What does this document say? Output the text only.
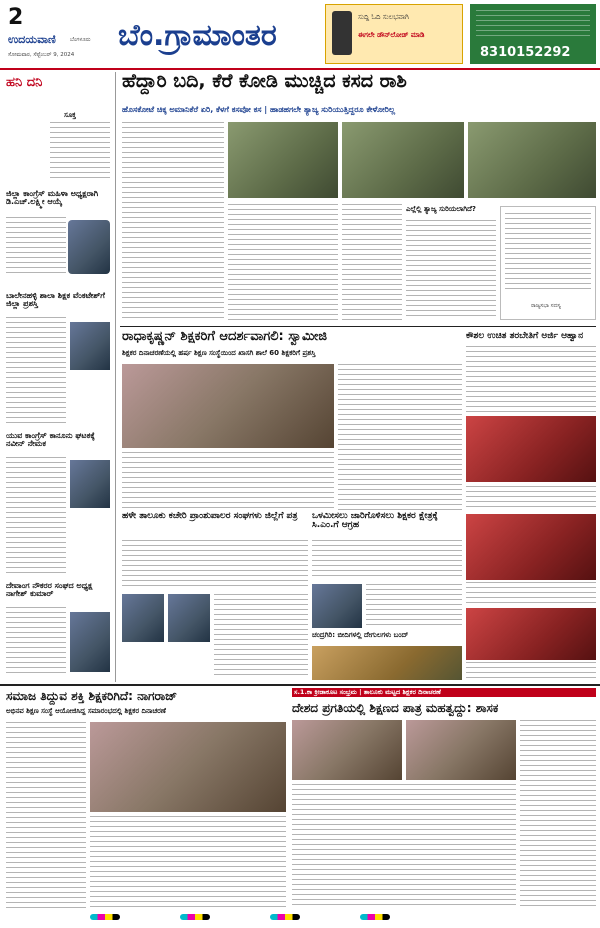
2
ಉದಯವಾಣಿ	ಬೆಂಗಳೂರು
ಸೋಮವಾರ, ಸೆಪ್ಟೆಂಬರ್ 9, 2024
ಬೆಂ.ಗ್ರಾಮಾಂತರ
ಸುದ್ದಿ ಓದಿ ಸುಲಭವಾಗಿ
ಈಗಲೇ ಡೌನ್‌ಲೋಡ್ ಮಾಡಿ
8310152292
ಹನಿ ದನಿ
ಸೂಕ್ತ
ಜಿಲ್ಲಾ ಕಾಂಗ್ರೆಸ್ ಮಹಿಳಾ ಅಧ್ಯಕ್ಷರಾಗಿ ಡಿ.ಎಚ್.ಲಕ್ಷ್ಮೀ ಆಯ್ಕೆ
ಬಾಲೇನಹಳ್ಳಿ ಶಾಲಾ ಶಿಕ್ಷಕ ವೆಂಕಟೇಶ್‌ಗೆ ಜಿಲ್ಲಾ ಪ್ರಶಸ್ತಿ
ಯುವ ಕಾಂಗ್ರೆಸ್ ಕಾನೂನು ಘಟಕಕ್ಕೆ ನವೀನ್ ನೇಮಕ
ದೇವಾಂಗ ನೌಕರರ ಸಂಘದ ಅಧ್ಯಕ್ಷ ನಾಗೇಶ್ ಕುಮಾರ್
ಹೆದ್ದಾರಿ ಬದಿ, ಕೆರೆ ಕೋಡಿ ಮುಚ್ಚಿದ ಕಸದ ರಾಶಿ
ಹೊಸಕೋಟೆ ಚಿಕ್ಕ ಅಮಾನಿಕೆರೆ ಏರಿ, ಕೆಳಗೆ ಕಸವೋ ಕಸ | ಹಾಡಹಗಲೇ ತ್ಯಾಜ್ಯ ಸುರಿಯುತ್ತಿದ್ದರೂ ಕೇಳೋರಿಲ್ಲ
ಎಲ್ಲೆಲ್ಲಿ ತ್ಯಾಜ್ಯ ಸುರಿಯಲಾಗಿದೆ?
ರಾಜ್ಯಸಭಾ ಸದಸ್ಯ
ರಾಧಾಕೃಷ್ಣನ್ ಶಿಕ್ಷಕರಿಗೆ ಆದರ್ಶವಾಗಲಿ: ಸ್ವಾಮೀಜಿ
ಶಿಕ್ಷಕರ ದಿನಾಚರಣೆಯಲ್ಲಿ ಹರ್ಷ ಶಿಕ್ಷಣ ಸಂಸ್ಥೆಯಿಂದ ಖಾಸಗಿ ಶಾಲೆ 60 ಶಿಕ್ಷಕರಿಗೆ ಪ್ರಶಸ್ತಿ
ಕೌಶಲ ಉಚಿತ ತರಬೇತಿಗೆ ಅರ್ಜಿ ಆಹ್ವಾನ
ಹಳೇ ತಾಲೂಕು ಕಚೇರಿ ಪ್ರಾಂಶುಪಾಲರ ಸಂಘಗಳು ಜಿಲ್ಲೆಗೆ ಪತ್ರ	ಒಳಮೀಸಲು ಜಾರಿಗೊಳಿಸಲು ಶಿಕ್ಷಕರ ಕ್ಷೇತ್ರಕ್ಕೆ ಸಿ.ಎಂ.ಗೆ ಆಗ್ರಹ
ಚಂದ್ರಗಿರಿ: ಬೀದಿಗಳಲ್ಲಿ ದೇಗುಲಗಳು ಬಂದ್
ಸಮಾಜ ತಿದ್ದುವ ಶಕ್ತಿ ಶಿಕ್ಷಕರಿಗಿದೆ: ನಾಗರಾಜ್
ಅಭಿನವ ಶಿಕ್ಷಣ ಸಂಸ್ಥೆ ಆಯೋಜಿಸಿದ್ದ ಸಮಾರಂಭದಲ್ಲಿ ಶಿಕ್ಷಕರ ದಿನಾಚರಣೆ
ಸ.1.ಕಾ ಕ್ರೀಡಾಕೂಟ ಸಂಭ್ರಮ | ತಾಲೂಕು ಮಟ್ಟದ ಶಿಕ್ಷಕರ ದಿನಾಚರಣೆ
ದೇಶದ ಪ್ರಗತಿಯಲ್ಲಿ ಶಿಕ್ಷಣದ ಪಾತ್ರ ಮಹತ್ವದ್ದು: ಶಾಸಕ
